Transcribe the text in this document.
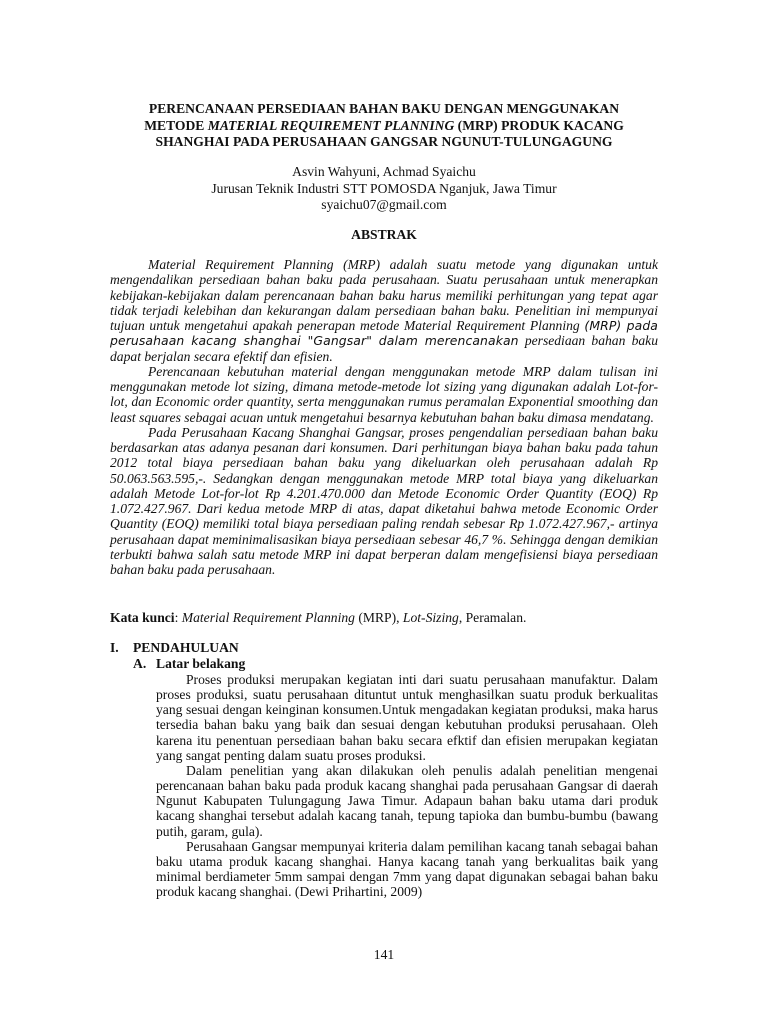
PERENCANAAN PERSEDIAAN BAHAN BAKU DENGAN MENGGUNAKAN
METODE MATERIAL REQUIREMENT PLANNING (MRP) PRODUK KACANG
SHANGHAI PADA PERUSAHAAN GANGSAR NGUNUT-TULUNGAGUNG
Asvin Wahyuni, Achmad Syaichu
Jurusan Teknik Industri STT POMOSDA Nganjuk, Jawa Timur
syaichu07@gmail.com
ABSTRAK

Material Requirement Planning (MRP) adalah suatu metode yang digunakan untuk mengendalikan persediaan bahan baku pada perusahaan. Suatu perusahaan untuk menerapkan kebijakan-kebijakan dalam perencanaan bahan baku harus memiliki perhitungan yang tepat agar tidak terjadi kelebihan dan kekurangan dalam persediaan bahan baku. Penelitian ini mempunyai tujuan untuk mengetahui apakah penerapan metode Material Requirement Planning (MRP) pada perusahaan kacang shanghai "Gangsar" dalam merencanakan persediaan bahan baku dapat berjalan secara efektif dan efisien.

Perencanaan kebutuhan material dengan menggunakan metode MRP dalam tulisan ini menggunakan metode lot sizing, dimana metode-metode lot sizing yang digunakan adalah Lot-for-lot, dan Economic order quantity, serta menggunakan rumus peramalan Exponential smoothing dan least squares sebagai acuan untuk mengetahui besarnya kebutuhan bahan baku dimasa mendatang.

Pada Perusahaan Kacang Shanghai Gangsar, proses pengendalian persediaan bahan baku berdasarkan atas adanya pesanan dari konsumen. Dari perhitungan biaya bahan baku pada tahun 2012 total biaya persediaan bahan baku yang dikeluarkan oleh perusahaan adalah Rp 50.063.563.595,-. Sedangkan dengan menggunakan metode MRP total biaya yang dikeluarkan adalah Metode Lot-for-lot Rp 4.201.470.000 dan Metode Economic Order Quantity (EOQ) Rp 1.072.427.967. Dari kedua metode MRP di atas, dapat diketahui bahwa metode Economic Order Quantity (EOQ) memiliki total biaya persediaan paling rendah sebesar Rp 1.072.427.967,- artinya perusahaan dapat meminimalisasikan biaya persediaan sebesar 46,7 %. Sehingga dengan demikian terbukti bahwa salah satu metode MRP ini dapat berperan dalam mengefisiensi biaya persediaan bahan baku pada perusahaan.

Kata kunci: Material Requirement Planning (MRP), Lot-Sizing, Peramalan.
I. PENDAHULUAN
A. Latar belakang

Proses produksi merupakan kegiatan inti dari suatu perusahaan manufaktur. Dalam proses produksi, suatu perusahaan dituntut untuk menghasilkan suatu produk berkualitas yang sesuai dengan keinginan konsumen.Untuk mengadakan kegiatan produksi, maka harus tersedia bahan baku yang baik dan sesuai dengan kebutuhan produksi perusahaan. Oleh karena itu penentuan persediaan bahan baku secara efktif dan efisien merupakan kegiatan yang sangat penting dalam suatu proses produksi.

Dalam penelitian yang akan dilakukan oleh penulis adalah penelitian mengenai perencanaan bahan baku pada produk kacang shanghai pada perusahaan Gangsar di daerah Ngunut Kabupaten Tulungagung Jawa Timur. Adapaun bahan baku utama dari produk kacang shanghai tersebut adalah kacang tanah, tepung tapioka dan bumbu-bumbu (bawang putih, garam, gula).

Perusahaan Gangsar mempunyai kriteria dalam pemilihan kacang tanah sebagai bahan baku utama produk kacang shanghai. Hanya kacang tanah yang berkualitas baik yang minimal berdiameter 5mm sampai dengan 7mm yang dapat digunakan sebagai bahan baku produk kacang shanghai. (Dewi Prihartini, 2009)

141
